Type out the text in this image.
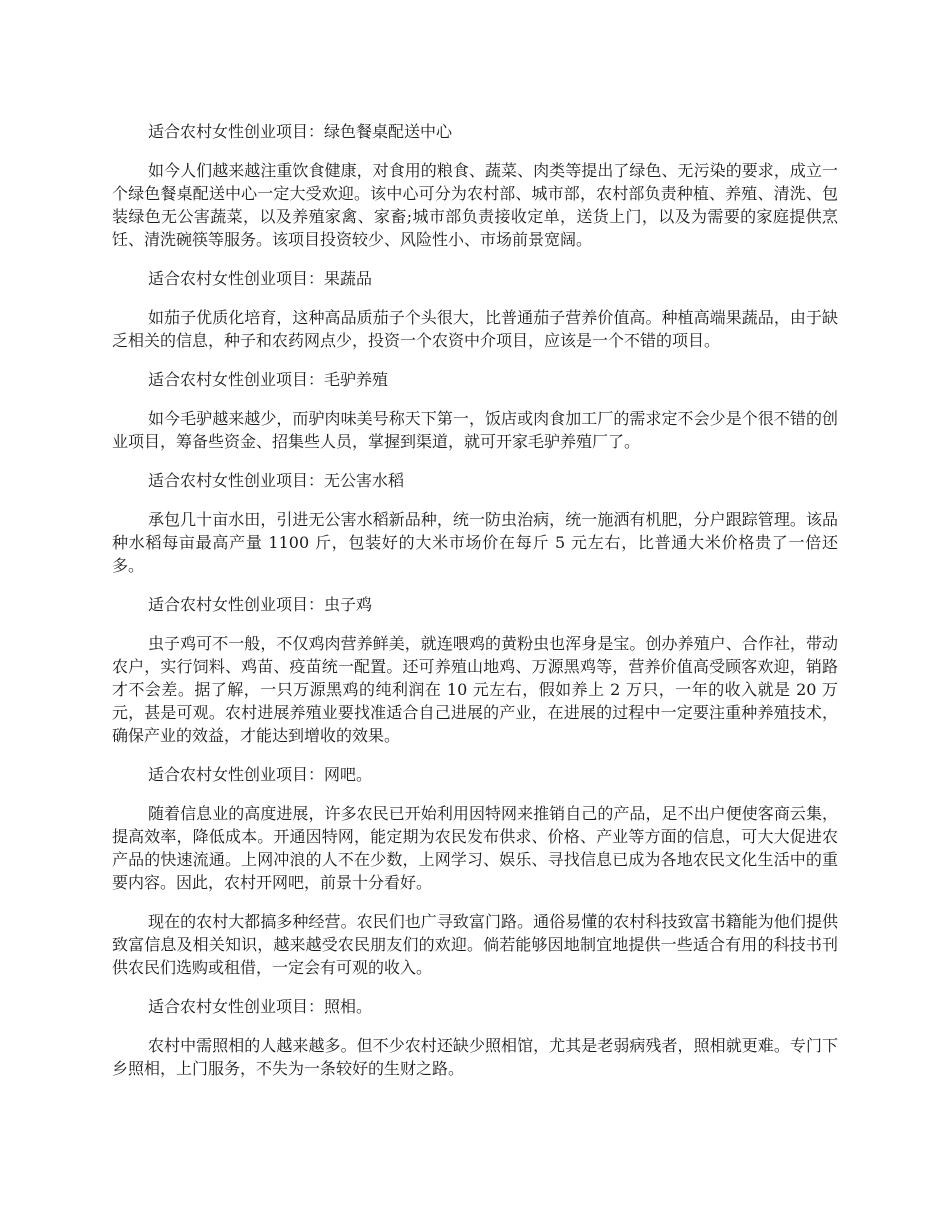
适合农村女性创业项目：绿色餐桌配送中心

如今人们越来越注重饮食健康，对食用的粮食、蔬菜、肉类等提出了绿色、无污染的要求，成立一个绿色餐桌配送中心一定大受欢迎。该中心可分为农村部、城市部，农村部负责种植、养殖、清洗、包装绿色无公害蔬菜，以及养殖家禽、家畜;城市部负责接收定单，送货上门，以及为需要的家庭提供烹饪、清洗碗筷等服务。该项目投资较少、风险性小、市场前景宽阔。

适合农村女性创业项目：果蔬品

如茄子优质化培育，这种高品质茄子个头很大，比普通茄子营养价值高。种植高端果蔬品，由于缺乏相关的信息，种子和农药网点少，投资一个农资中介项目，应该是一个不错的项目。

适合农村女性创业项目：毛驴养殖

如今毛驴越来越少，而驴肉味美号称天下第一，饭店或肉食加工厂的需求定不会少是个很不错的创业项目，筹备些资金、招集些人员，掌握到渠道，就可开家毛驴养殖厂了。

适合农村女性创业项目：无公害水稻

承包几十亩水田，引进无公害水稻新品种，统一防虫治病，统一施洒有机肥，分户跟踪管理。该品种水稻每亩最高产量 1100 斤，包装好的大米市场价在每斤 5 元左右，比普通大米价格贵了一倍还多。

适合农村女性创业项目：虫子鸡

虫子鸡可不一般，不仅鸡肉营养鲜美，就连喂鸡的黄粉虫也浑身是宝。创办养殖户、合作社，带动农户，实行饲料、鸡苗、疫苗统一配置。还可养殖山地鸡、万源黑鸡等，营养价值高受顾客欢迎，销路才不会差。据了解，一只万源黑鸡的纯利润在 10 元左右，假如养上 2 万只，一年的收入就是 20 万元，甚是可观。农村进展养殖业要找准适合自己进展的产业，在进展的过程中一定要注重种养殖技术，确保产业的效益，才能达到增收的效果。

适合农村女性创业项目：网吧。

随着信息业的高度进展，许多农民已开始利用因特网来推销自己的产品，足不出户便使客商云集，提高效率，降低成本。开通因特网，能定期为农民发布供求、价格、产业等方面的信息，可大大促进农产品的快速流通。上网冲浪的人不在少数，上网学习、娱乐、寻找信息已成为各地农民文化生活中的重要内容。因此，农村开网吧，前景十分看好。

现在的农村大都搞多种经营。农民们也广寻致富门路。通俗易懂的农村科技致富书籍能为他们提供致富信息及相关知识，越来越受农民朋友们的欢迎。倘若能够因地制宜地提供一些适合有用的科技书刊供农民们选购或租借，一定会有可观的收入。

适合农村女性创业项目：照相。

农村中需照相的人越来越多。但不少农村还缺少照相馆，尤其是老弱病残者，照相就更难。专门下乡照相，上门服务，不失为一条较好的生财之路。
